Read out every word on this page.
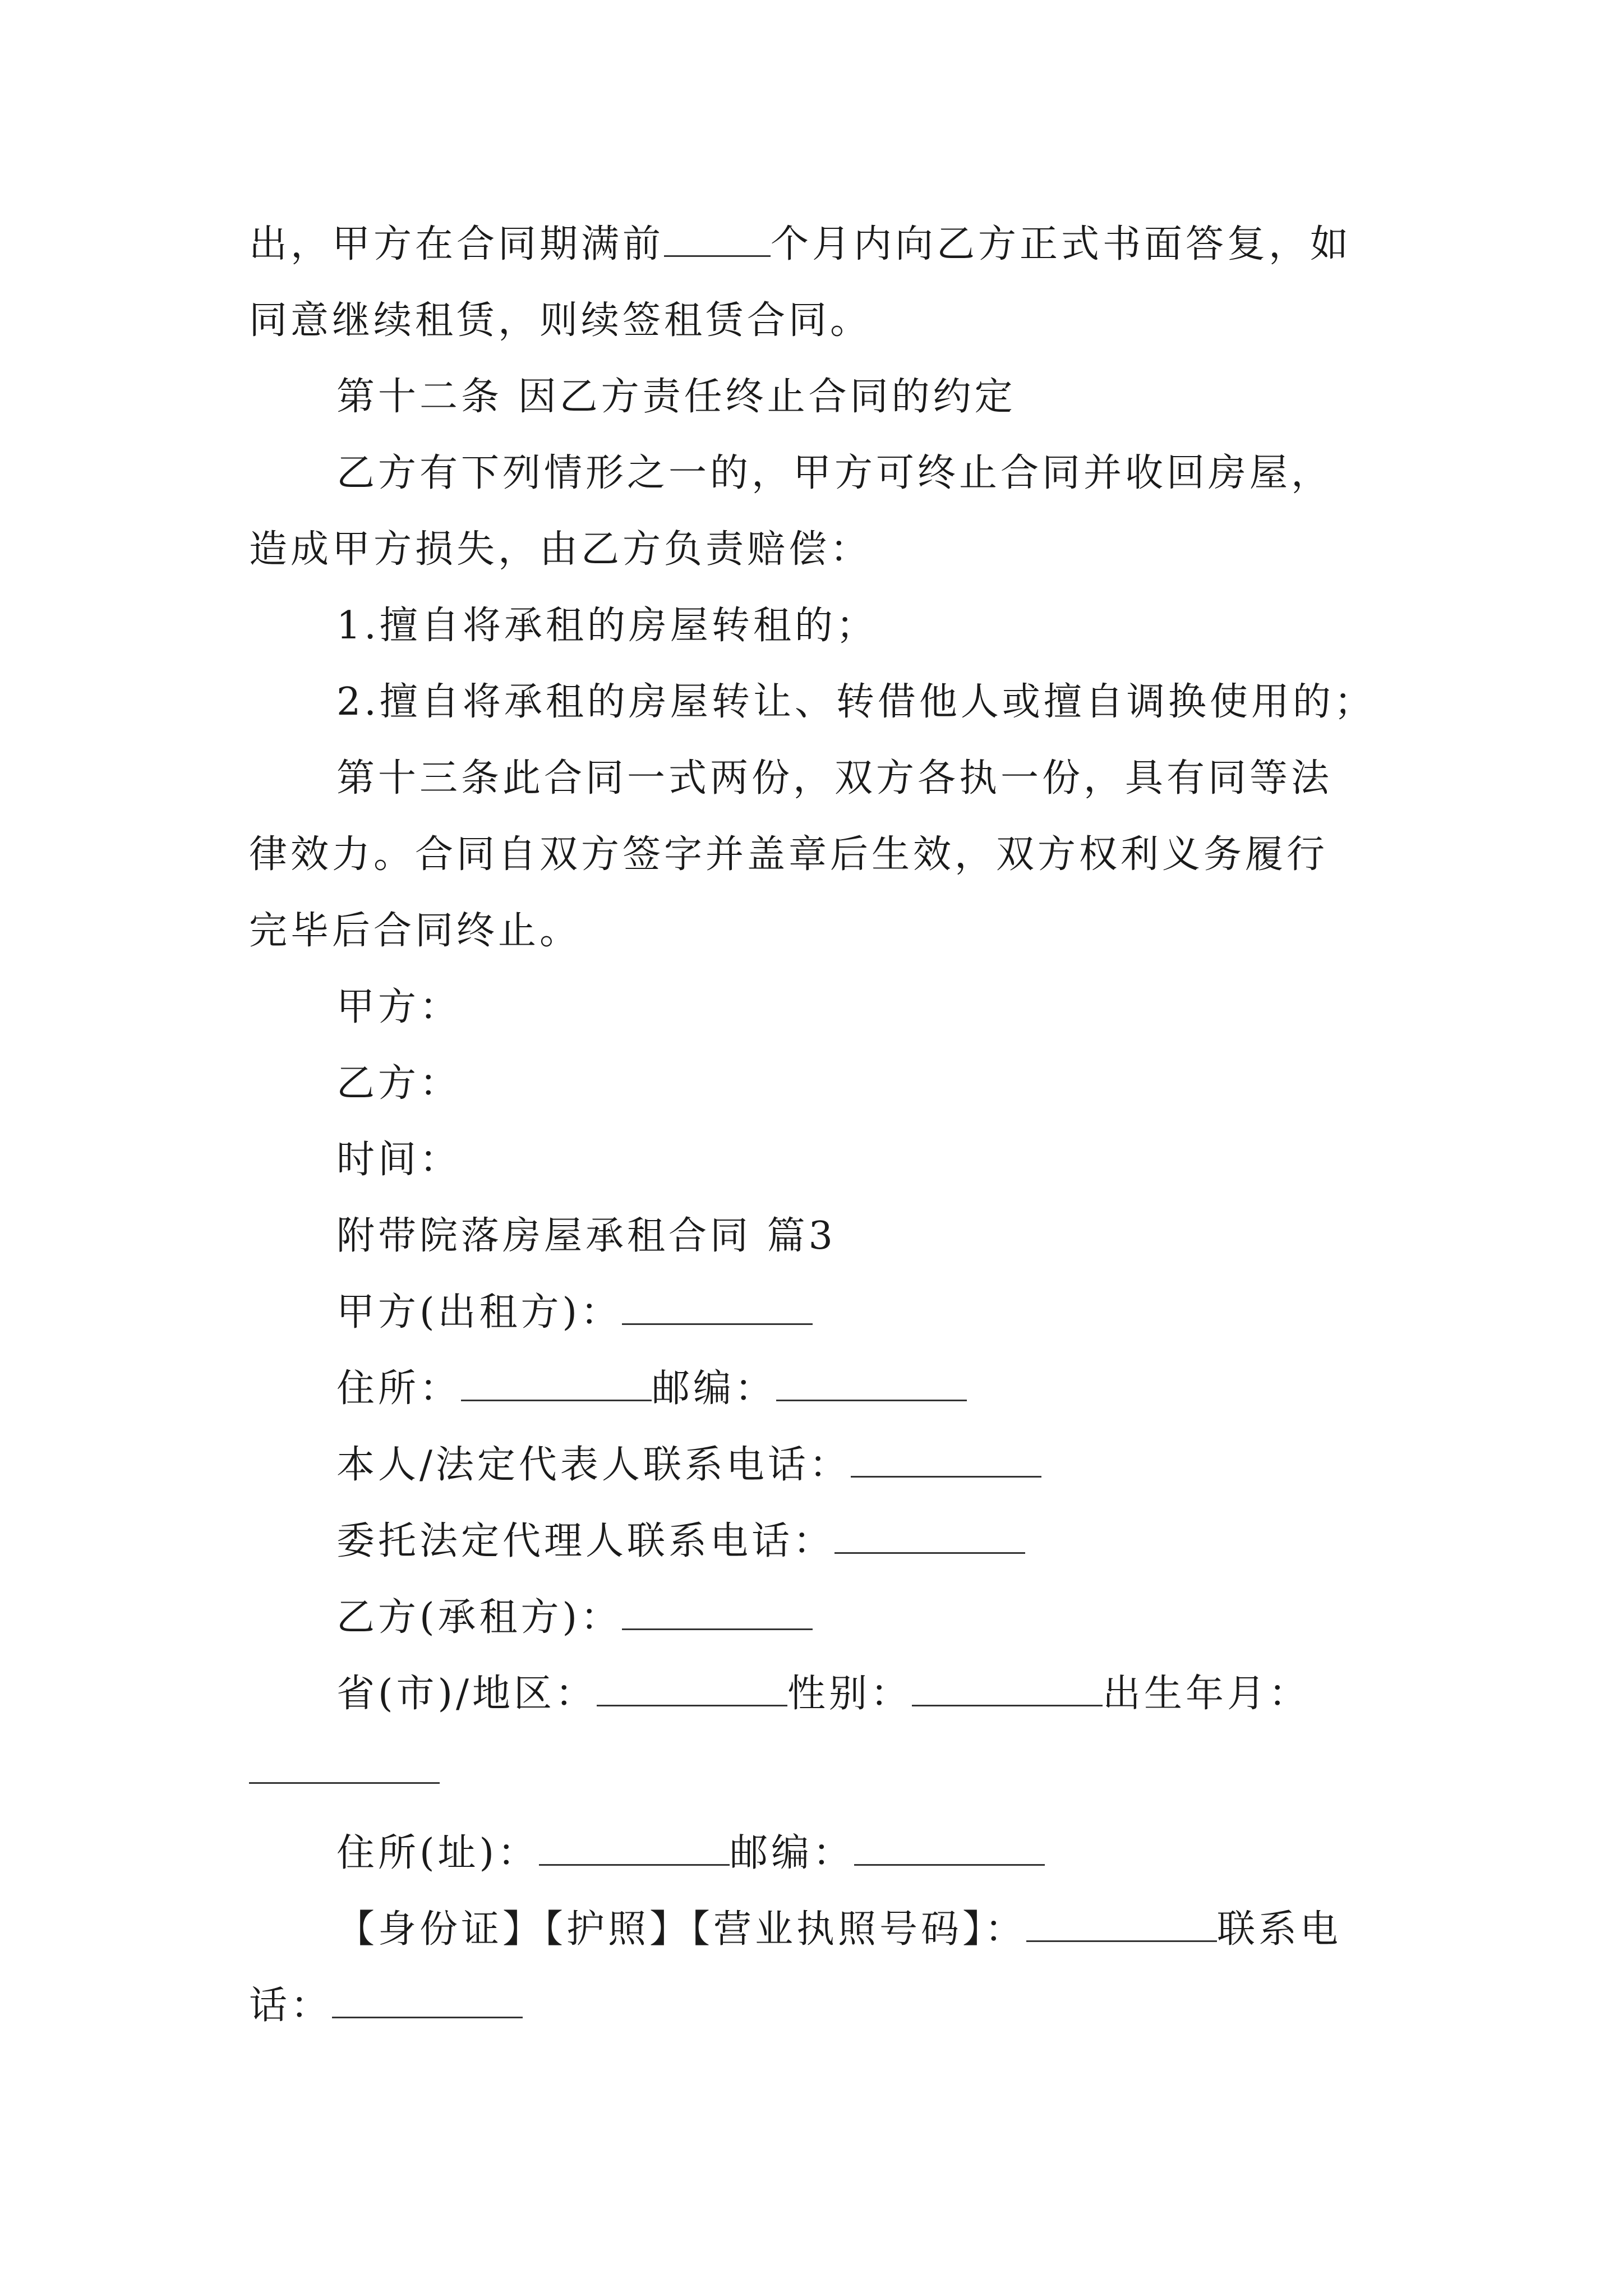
出，甲方在合同期满前	个月内向乙方正式书面答复，如
同意继续租赁，则续签租赁合同。
第十二条 因乙方责任终止合同的约定
乙方有下列情形之一的，甲方可终止合同并收回房屋，
造成甲方损失，由乙方负责赔偿：
1.擅自将承租的房屋转租的；
2.擅自将承租的房屋转让、转借他人或擅自调换使用的；
第十三条此合同一式两份，双方各执一份，具有同等法
律效力。合同自双方签字并盖章后生效，双方权利义务履行
完毕后合同终止。
甲方：
乙方：
时间：
附带院落房屋承租合同 篇3
甲方(出租方)：
住所：	邮编：
本人/法定代表人联系电话：
委托法定代理人联系电话：
乙方(承租方)：
省(市)/地区：	性别：	出生年月：
住所(址)：	邮编：
【身份证】【护照】【营业执照号码】：	联系电
话：
